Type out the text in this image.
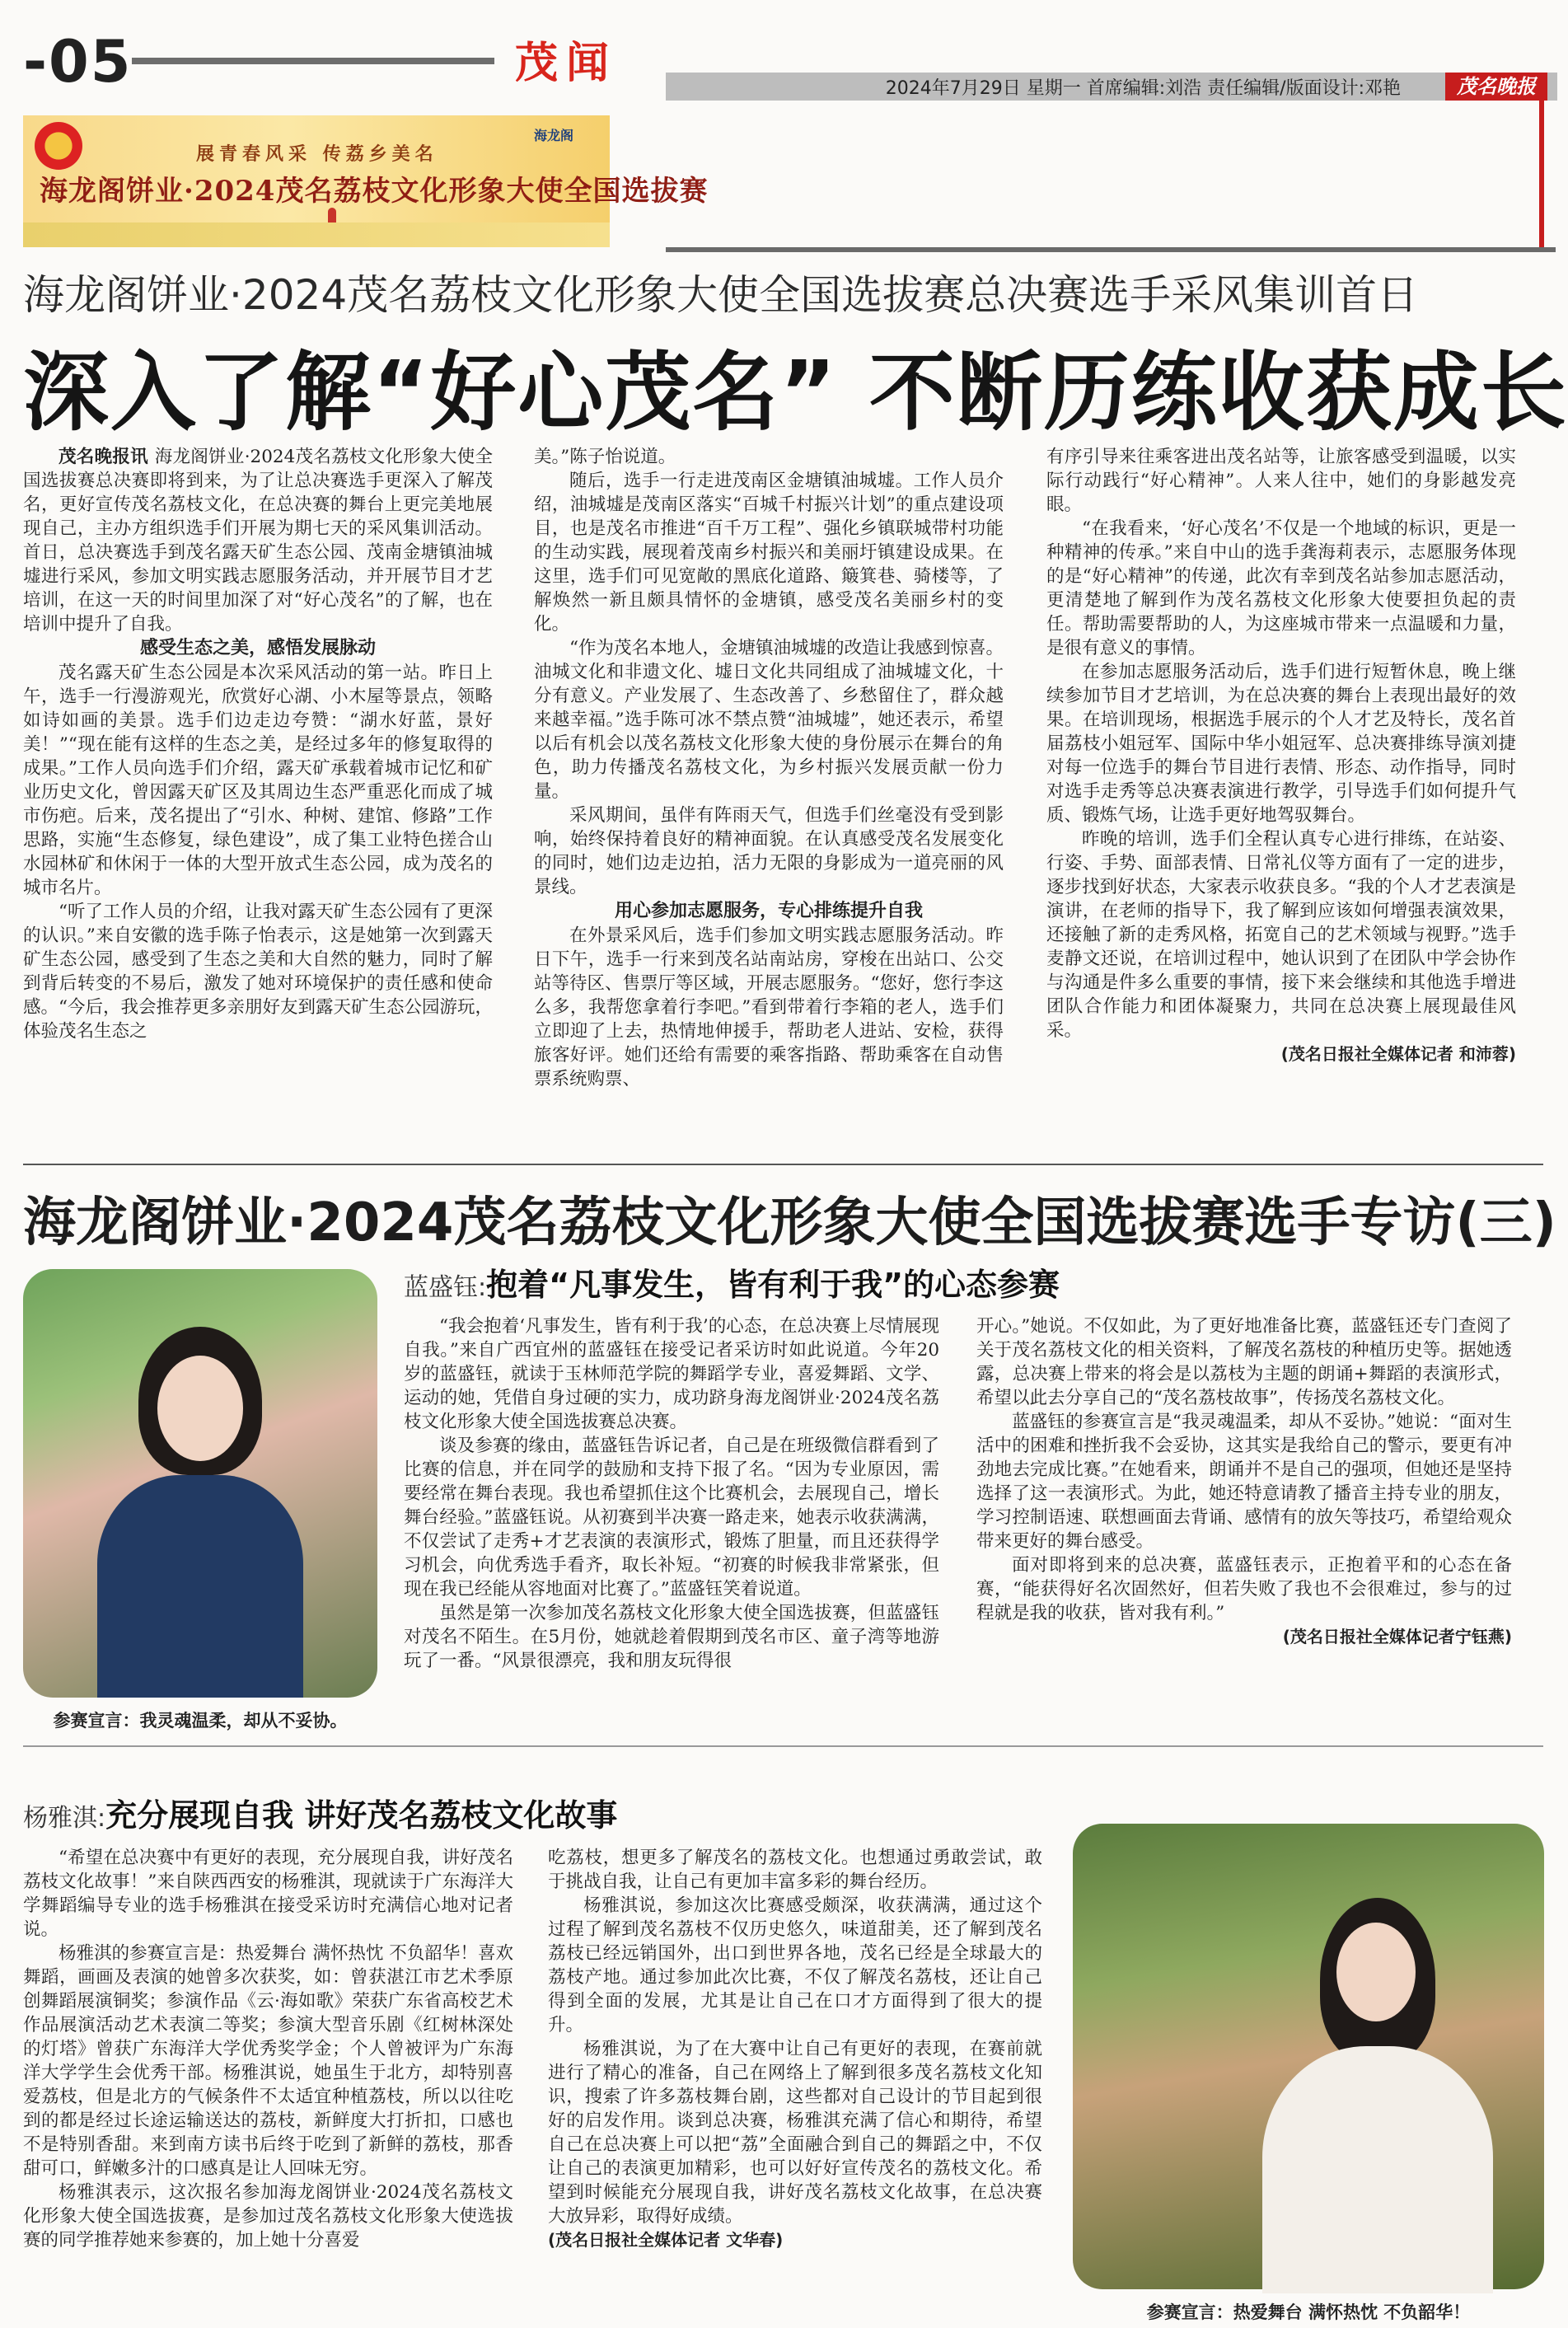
-05	茂闻	2024年7月29日 星期一 首席编辑:刘浩 责任编辑/版面设计:邓艳	茂名晚报
展青春风采 传荔乡美名
海龙阁饼业·2024茂名荔枝文化形象大使全国选拔赛
海龙阁
海龙阁饼业·2024茂名荔枝文化形象大使全国选拔赛总决赛选手采风集训首日
深入了解“好心茂名” 不断历练收获成长

茂名晚报讯 海龙阁饼业·2024茂名荔枝文化形象大使全国选拔赛总决赛即将到来，为了让总决赛选手更深入了解茂名，更好宣传茂名荔枝文化，在总决赛的舞台上更完美地展现自己，主办方组织选手们开展为期七天的采风集训活动。首日，总决赛选手到茂名露天矿生态公园、茂南金塘镇油城墟进行采风，参加文明实践志愿服务活动，并开展节目才艺培训，在这一天的时间里加深了对“好心茂名”的了解，也在培训中提升了自我。

感受生态之美，感悟发展脉动

茂名露天矿生态公园是本次采风活动的第一站。昨日上午，选手一行漫游观光，欣赏好心湖、小木屋等景点，领略如诗如画的美景。选手们边走边夸赞：“湖水好蓝，景好美！”“现在能有这样的生态之美，是经过多年的修复取得的成果。”工作人员向选手们介绍，露天矿承载着城市记忆和矿业历史文化，曾因露天矿区及其周边生态严重恶化而成了城市伤疤。后来，茂名提出了“引水、种树、建馆、修路”工作思路，实施“生态修复，绿色建设”，成了集工业特色搓合山水园林矿和休闲于一体的大型开放式生态公园，成为茂名的城市名片。

“听了工作人员的介绍，让我对露天矿生态公园有了更深的认识。”来自安徽的选手陈子怡表示，这是她第一次到露天矿生态公园，感受到了生态之美和大自然的魅力，同时了解到背后转变的不易后，激发了她对环境保护的责任感和使命感。“今后，我会推荐更多亲朋好友到露天矿生态公园游玩，体验茂名生态之

美。”陈子怡说道。

随后，选手一行走进茂南区金塘镇油城墟。工作人员介绍，油城墟是茂南区落实“百城千村振兴计划”的重点建设项目，也是茂名市推进“百千万工程”、强化乡镇联城带村功能的生动实践，展现着茂南乡村振兴和美丽圩镇建设成果。在这里，选手们可见宽敞的黑底化道路、簸箕巷、骑楼等，了解焕然一新且颇具情怀的金塘镇，感受茂名美丽乡村的变化。

“作为茂名本地人，金塘镇油城墟的改造让我感到惊喜。油城文化和非遗文化、墟日文化共同组成了油城墟文化，十分有意义。产业发展了、生态改善了、乡愁留住了，群众越来越幸福。”选手陈可冰不禁点赞“油城墟”，她还表示，希望以后有机会以茂名荔枝文化形象大使的身份展示在舞台的角色，助力传播茂名荔枝文化，为乡村振兴发展贡献一份力量。

采风期间，虽伴有阵雨天气，但选手们丝毫没有受到影响，始终保持着良好的精神面貌。在认真感受茂名发展变化的同时，她们边走边拍，活力无限的身影成为一道亮丽的风景线。

用心参加志愿服务，专心排练提升自我

在外景采风后，选手们参加文明实践志愿服务活动。昨日下午，选手一行来到茂名站南站房，穿梭在出站口、公交站等待区、售票厅等区域，开展志愿服务。“您好，您行李这么多，我帮您拿着行李吧。”看到带着行李箱的老人，选手们立即迎了上去，热情地伸援手，帮助老人进站、安检，获得旅客好评。她们还给有需要的乘客指路、帮助乘客在自动售票系统购票、

有序引导来往乘客进出茂名站等，让旅客感受到温暖，以实际行动践行“好心精神”。人来人往中，她们的身影越发亮眼。

“在我看来，‘好心茂名’不仅是一个地域的标识，更是一种精神的传承。”来自中山的选手龚海莉表示，志愿服务体现的是“好心精神”的传递，此次有幸到茂名站参加志愿活动，更清楚地了解到作为茂名荔枝文化形象大使要担负起的责任。帮助需要帮助的人，为这座城市带来一点温暖和力量，是很有意义的事情。

在参加志愿服务活动后，选手们进行短暂休息，晚上继续参加节目才艺培训，为在总决赛的舞台上表现出最好的效果。在培训现场，根据选手展示的个人才艺及特长，茂名首届荔枝小姐冠军、国际中华小姐冠军、总决赛排练导演刘捷对每一位选手的舞台节目进行表情、形态、动作指导，同时对选手走秀等总决赛表演进行教学，引导选手们如何提升气质、锻炼气场，让选手更好地驾驭舞台。

昨晚的培训，选手们全程认真专心进行排练，在站姿、行姿、手势、面部表情、日常礼仪等方面有了一定的进步，逐步找到好状态，大家表示收获良多。“我的个人才艺表演是演讲，在老师的指导下，我了解到应该如何增强表演效果，还接触了新的走秀风格，拓宽自己的艺术领域与视野。”选手麦静文还说，在培训过程中，她认识到了在团队中学会协作与沟通是件多么重要的事情，接下来会继续和其他选手增进团队合作能力和团体凝聚力，共同在总决赛上展现最佳风采。

(茂名日报社全媒体记者 和沛蓉)
海龙阁饼业·2024茂名荔枝文化形象大使全国选拔赛选手专访(三)
参赛宣言：我灵魂温柔，却从不妥协。
蓝盛钰:抱着“凡事发生，皆有利于我”的心态参赛

“我会抱着‘凡事发生，皆有利于我’的心态，在总决赛上尽情展现自我。”来自广西宜州的蓝盛钰在接受记者采访时如此说道。今年20岁的蓝盛钰，就读于玉林师范学院的舞蹈学专业，喜爱舞蹈、文学、运动的她，凭借自身过硬的实力，成功跻身海龙阁饼业·2024茂名荔枝文化形象大使全国选拔赛总决赛。

谈及参赛的缘由，蓝盛钰告诉记者，自己是在班级微信群看到了比赛的信息，并在同学的鼓励和支持下报了名。“因为专业原因，需要经常在舞台表现。我也希望抓住这个比赛机会，去展现自己，增长舞台经验。”蓝盛钰说。从初赛到半决赛一路走来，她表示收获满满，不仅尝试了走秀+才艺表演的表演形式，锻炼了胆量，而且还获得学习机会，向优秀选手看齐，取长补短。“初赛的时候我非常紧张，但现在我已经能从容地面对比赛了。”蓝盛钰笑着说道。

虽然是第一次参加茂名荔枝文化形象大使全国选拔赛，但蓝盛钰对茂名不陌生。在5月份，她就趁着假期到茂名市区、童子湾等地游玩了一番。“风景很漂亮，我和朋友玩得很

开心。”她说。不仅如此，为了更好地准备比赛，蓝盛钰还专门查阅了关于茂名荔枝文化的相关资料，了解茂名荔枝的种植历史等。据她透露，总决赛上带来的将会是以荔枝为主题的朗诵+舞蹈的表演形式，希望以此去分享自己的“茂名荔枝故事”，传扬茂名荔枝文化。

蓝盛钰的参赛宣言是“我灵魂温柔，却从不妥协。”她说：“面对生活中的困难和挫折我不会妥协，这其实是我给自己的警示，要更有冲劲地去完成比赛。”在她看来，朗诵并不是自己的强项，但她还是坚持选择了这一表演形式。为此，她还特意请教了播音主持专业的朋友，学习控制语速、联想画面去背诵、感情有的放矢等技巧，希望给观众带来更好的舞台感受。

面对即将到来的总决赛，蓝盛钰表示，正抱着平和的心态在备赛，“能获得好名次固然好，但若失败了我也不会很难过，参与的过程就是我的收获，皆对我有利。”

(茂名日报社全媒体记者宁钰燕)
杨雅淇:充分展现自我 讲好茂名荔枝文化故事

“希望在总决赛中有更好的表现，充分展现自我，讲好茂名荔枝文化故事！”来自陕西西安的杨雅淇，现就读于广东海洋大学舞蹈编导专业的选手杨雅淇在接受采访时充满信心地对记者说。

杨雅淇的参赛宣言是：热爱舞台 满怀热忱 不负韶华！喜欢舞蹈，画画及表演的她曾多次获奖，如：曾获湛江市艺术季原创舞蹈展演铜奖；参演作品《云·海如歌》荣获广东省高校艺术作品展演活动艺术表演二等奖；参演大型音乐剧《红树林深处的灯塔》曾获广东海洋大学优秀奖学金；个人曾被评为广东海洋大学学生会优秀干部。杨雅淇说，她虽生于北方，却特别喜爱荔枝，但是北方的气候条件不太适宜种植荔枝，所以以往吃到的都是经过长途运输送达的荔枝，新鲜度大打折扣，口感也不是特别香甜。来到南方读书后终于吃到了新鲜的荔枝，那香甜可口，鲜嫩多汁的口感真是让人回味无穷。

杨雅淇表示，这次报名参加海龙阁饼业·2024茂名荔枝文化形象大使全国选拔赛，是参加过茂名荔枝文化形象大使选拔赛的同学推荐她来参赛的，加上她十分喜爱

吃荔枝，想更多了解茂名的荔枝文化。也想通过勇敢尝试，敢于挑战自我，让自己有更加丰富多彩的舞台经历。

杨雅淇说，参加这次比赛感受颇深，收获满满，通过这个过程了解到茂名荔枝不仅历史悠久，味道甜美，还了解到茂名荔枝已经远销国外，出口到世界各地，茂名已经是全球最大的荔枝产地。通过参加此次比赛，不仅了解茂名荔枝，还让自己得到全面的发展，尤其是让自己在口才方面得到了很大的提升。

杨雅淇说，为了在大赛中让自己有更好的表现，在赛前就进行了精心的准备，自己在网络上了解到很多茂名荔枝文化知识，搜索了许多荔枝舞台剧，这些都对自己设计的节目起到很好的启发作用。谈到总决赛，杨雅淇充满了信心和期待，希望自己在总决赛上可以把“荔”全面融合到自己的舞蹈之中，不仅让自己的表演更加精彩，也可以好好宣传茂名的荔枝文化。希望到时候能充分展现自我，讲好茂名荔枝文化故事，在总决赛大放异彩，取得好成绩。

(茂名日报社全媒体记者 文华春)
参赛宣言：热爱舞台 满怀热忱 不负韶华！
